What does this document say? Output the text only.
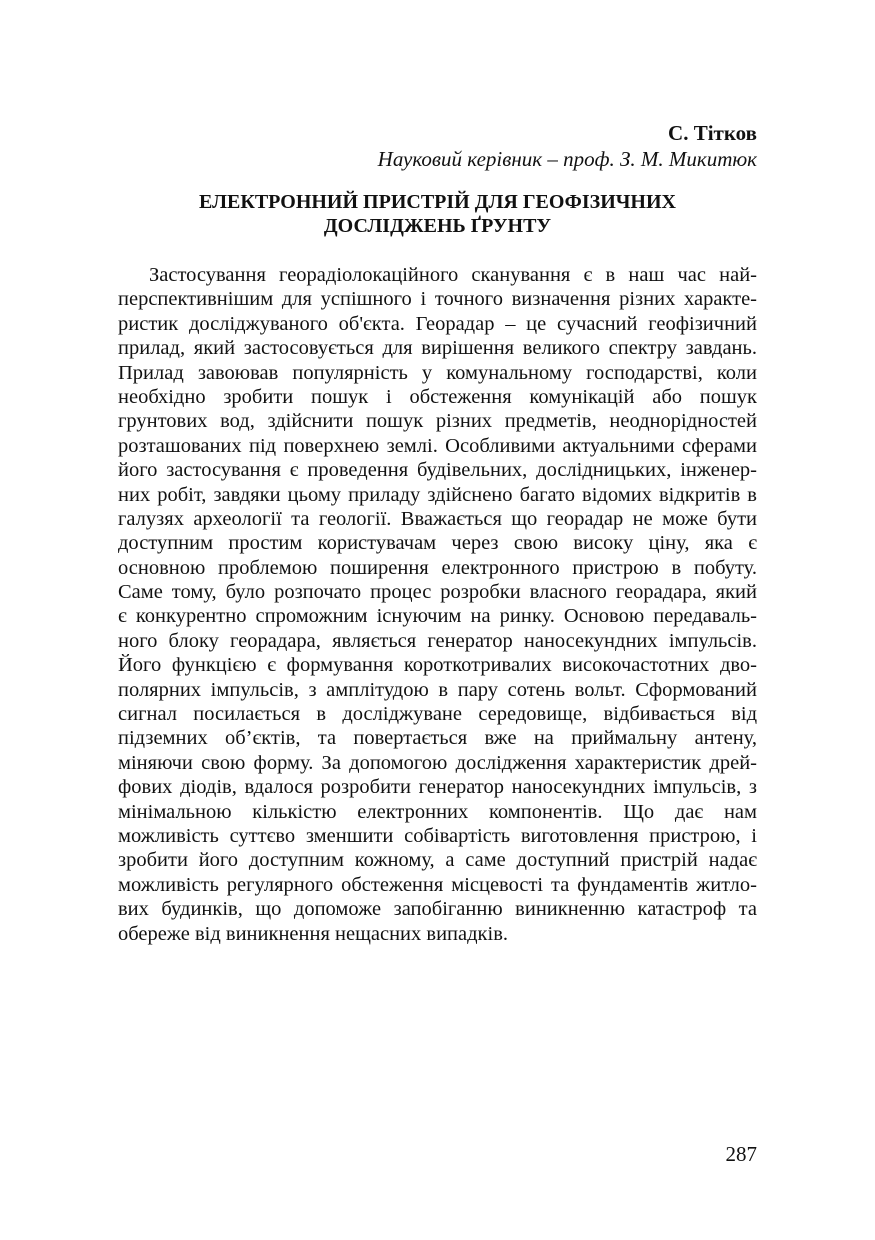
С. Тітков

Науковий керівник – проф. З. М. Микитюк

ЕЛЕКТРОННИЙ ПРИСТРІЙ ДЛЯ ГЕОФІЗИЧНИХ
ДОСЛІДЖЕНЬ ҐРУНТУ
Застосування георадіолокаційного сканування є в наш час най-
перспективнішим для успішного і точного визначення різних характе-
ристик досліджуваного об'єкта. Георадар – це сучасний геофізичний
прилад, який застосовується для вирішення великого спектру завдань.
Прилад завоював популярність у комунальному господарстві, коли
необхідно зробити пошук і обстеження комунікацій або пошук
грунтових вод, здійснити пошук різних предметів, неоднорідностей
розташованих під поверхнею землі. Особливими актуальними сферами
його застосування є проведення будівельних, дослідницьких, інженер-
них робіт, завдяки цьому приладу здійснено багато відомих відкритів в
галузях археології та геології. Вважається що георадар не може бути
доступним простим користувачам через свою високу ціну, яка є
основною проблемою поширення електронного пристрою в побуту.
Саме тому, було розпочато процес розробки власного георадара, який
є конкурентно спроможним існуючим на ринку. Основою передаваль-
ного блоку георадара, являється генератор наносекундних імпульсів.
Його функцією є формування короткотривалих високочастотних дво-
полярних імпульсів, з амплітудою в пару сотень вольт. Сформований
сигнал посилається в досліджуване середовище, відбивається від
підземних об’єктів, та повертається вже на приймальну антену,
міняючи свою форму. За допомогою дослідження характеристик дрей-
фових діодів, вдалося розробити генератор наносекундних імпульсів, з
мінімальною кількістю електронних компонентів. Що дає нам
можливість суттєво зменшити собівартість виготовлення пристрою, і
зробити його доступним кожному, а саме доступний пристрій надає
можливість регулярного обстеження місцевості та фундаментів житло-
вих будинків, що допоможе запобіганню виникненню катастроф та
обереже від виникнення нещасних випадків.

287
